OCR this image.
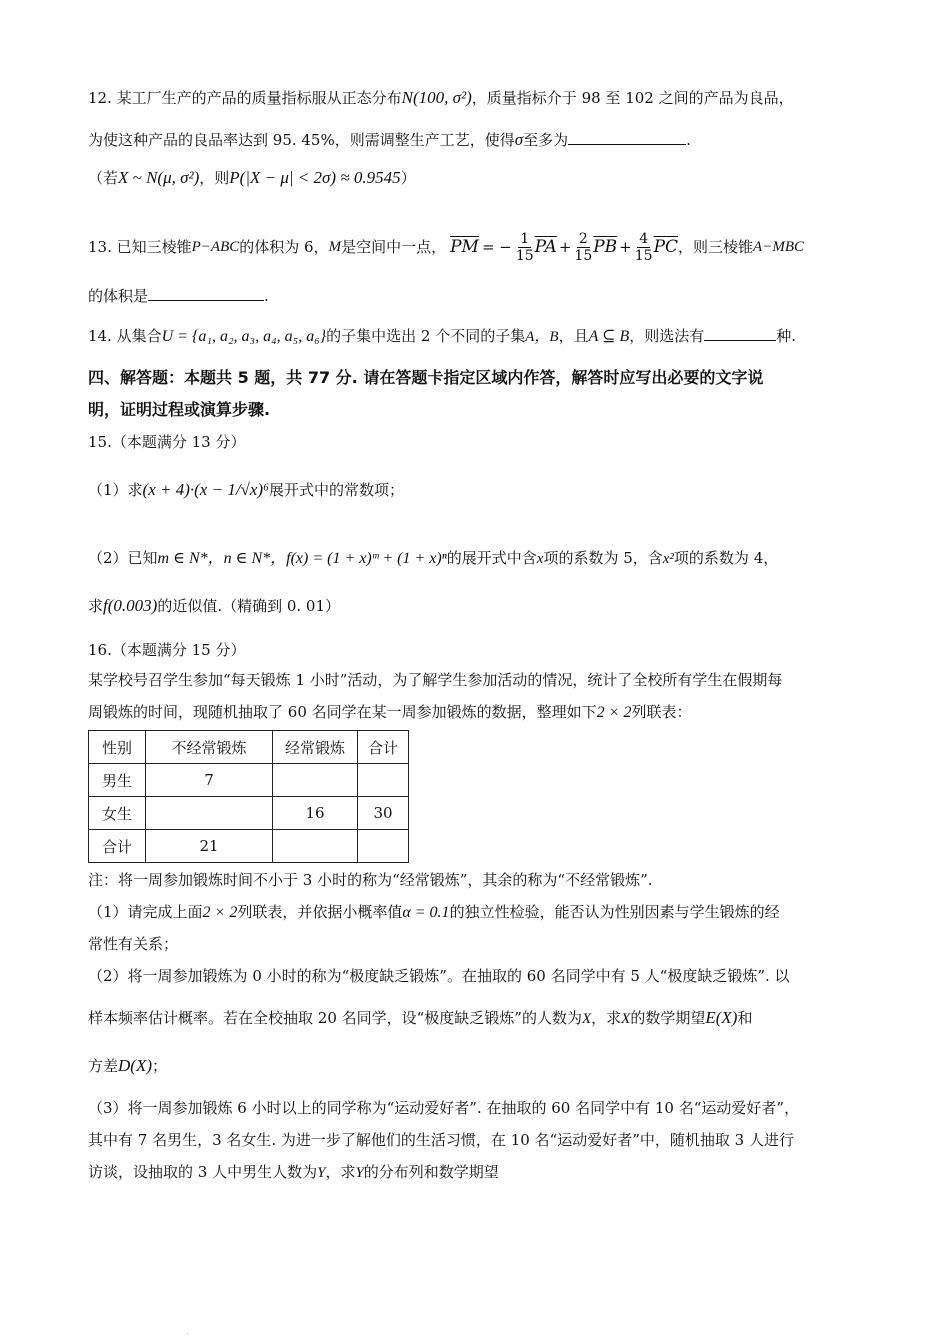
12. 某工厂生产的产品的质量指标服从正态分布N(100, σ²)，质量指标介于 98 至 102 之间的产品为良品，
为使这种产品的良品率达到 95. 45%，则需调整生产工艺，使得σ至多为	.
（若X ~ N(μ, σ²)，则P(|X − μ| < 2σ) ≈ 0.9545）
13. 已知三棱锥 P−ABC 的体积为 6， M 是空间中一点， $\overline{PM}$ = − $\frac{1}{15} \overline{PA} + \frac{2}{15} \overline{PB} + \frac{4}{15} \overline{PC}$ ，则三棱锥 A−MBC
的体积是	.
14. 从集合U = {a₁, a₂, a₃, a₄, a₅, a₆}的子集中选出 2 个不同的子集A，B，且A ⊆ B，则选法有	种.
四、解答题：本题共 5 题，共 77 分. 请在答题卡指定区域内作答，解答时应写出必要的文字说
明，证明过程或演算步骤.
15.（本题满分 13 分）
（1）求(x + 4)·(x − 1/√x)⁶展开式中的常数项；
（2）已知m ∈ N*，n ∈ N*，f(x) = (1 + x)ᵐ + (1 + x)ⁿ的展开式中含x项的系数为 5，含x²项的系数为 4，
求f(0.003)的近似值.（精确到 0. 01）
16.（本题满分 15 分）
某学校号召学生参加“每天锻炼 1 小时”活动，为了解学生参加活动的情况，统计了全校所有学生在假期每
周锻炼的时间，现随机抽取了 60 名同学在某一周参加锻炼的数据，整理如下2 × 2列联表：
性别	不经常锻炼	经常锻炼	合计
男生	7		
女生		16	30
合计	21		
注：将一周参加锻炼时间不小于 3 小时的称为“经常锻炼”，其余的称为“不经常锻炼”.
（1）请完成上面2 × 2列联表，并依据小概率值α = 0.1的独立性检验，能否认为性别因素与学生锻炼的经
常性有关系；
（2）将一周参加锻炼为 0 小时的称为“极度缺乏锻炼”。在抽取的 60 名同学中有 5 人“极度缺乏锻炼”. 以
样本频率估计概率。若在全校抽取 20 名同学，设“极度缺乏锻炼”的人数为X，求X的数学期望E(X)和
方差D(X)；
（3）将一周参加锻炼 6 小时以上的同学称为“运动爱好者”. 在抽取的 60 名同学中有 10 名“运动爱好者”，
其中有 7 名男生，3 名女生. 为进一步了解他们的生活习惯，在 10 名“运动爱好者”中，随机抽取 3 人进行
访谈，设抽取的 3 人中男生人数为Y，求Y的分布列和数学期望
·
